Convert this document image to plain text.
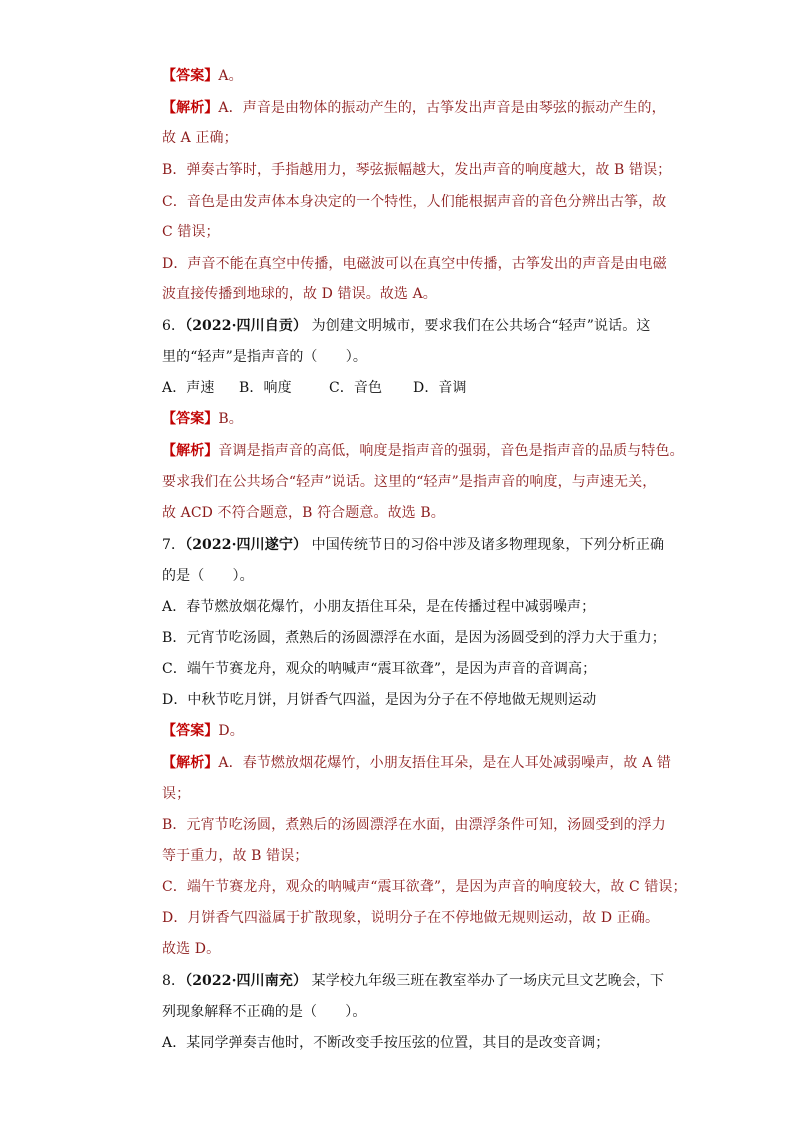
【答案】A。
【解析】A．声音是由物体的振动产生的，古筝发出声音是由琴弦的振动产生的，
故 A 正确；
B．弹奏古筝时，手指越用力，琴弦振幅越大，发出声音的响度越大，故 B 错误；
C．音色是由发声体本身决定的一个特性，人们能根据声音的音色分辨出古筝，故
C 错误；
D．声音不能在真空中传播，电磁波可以在真空中传播，古筝发出的声音是由电磁
波直接传播到地球的，故 D 错误。故选 A。
6．（2022·四川自贡） 为创建文明城市，要求我们在公共场合“轻声”说话。这
里的“轻声”是指声音的（　　）。
A．声速 B．响度	C．音色 D．音调
【答案】B。
【解析】音调是指声音的高低，响度是指声音的强弱，音色是指声音的品质与特色。
要求我们在公共场合“轻声”说话。这里的“轻声”是指声音的响度，与声速无关，
故 ACD 不符合题意，B 符合题意。故选 B。
7．（2022·四川遂宁） 中国传统节日的习俗中涉及诸多物理现象，下列分析正确
的是（　　）。
A．春节燃放烟花爆竹，小朋友捂住耳朵，是在传播过程中减弱噪声；
B．元宵节吃汤圆，煮熟后的汤圆漂浮在水面，是因为汤圆受到的浮力大于重力；
C．端午节赛龙舟，观众的呐喊声“震耳欲聋”，是因为声音的音调高；
D．中秋节吃月饼，月饼香气四溢，是因为分子在不停地做无规则运动
【答案】D。
【解析】A．春节燃放烟花爆竹，小朋友捂住耳朵，是在人耳处减弱噪声，故 A 错
误；
B．元宵节吃汤圆，煮熟后的汤圆漂浮在水面，由漂浮条件可知，汤圆受到的浮力
等于重力，故 B 错误；
C．端午节赛龙舟，观众的呐喊声“震耳欲聋”，是因为声音的响度较大，故 C 错误；
D．月饼香气四溢属于扩散现象，说明分子在不停地做无规则运动，故 D 正确。
故选 D。
8．（2022·四川南充） 某学校九年级三班在教室举办了一场庆元旦文艺晚会，下
列现象解释不正确的是（　　）。
A．某同学弹奏吉他时，不断改变手按压弦的位置，其目的是改变音调；
